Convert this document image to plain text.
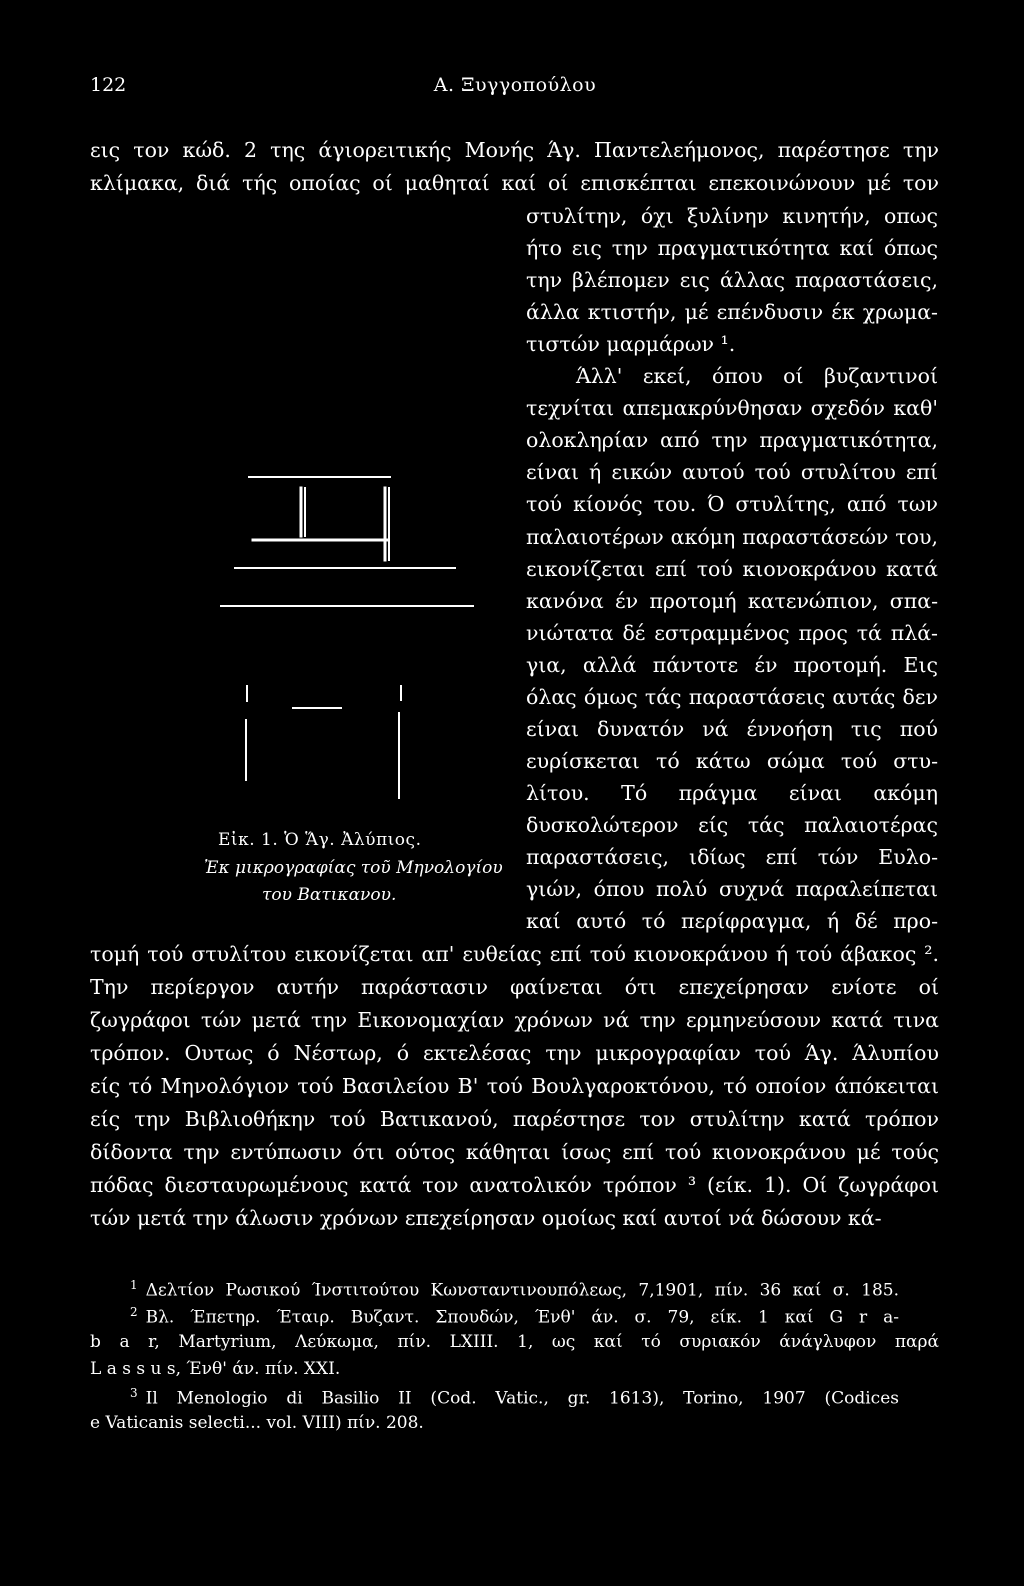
122	Α. Ξυγγοπούλου
εις τον κώδ. 2 της άγιορειτικής Μονής Άγ. Παντελεήμονος, παρέστησε την
κλίμακα, διά τής οποίας οί μαθηταί καί οί επισκέπται επεκοινώνουν μέ τον
στυλίτην, όχι ξυλίνην κινητήν, οπως
ήτο εις την πραγματικότητα καί όπως
την βλέπομεν εις άλλας παραστάσεις,
άλλα κτιστήν, μέ επένδυσιν έκ χρωμα-
τιστών μαρμάρων ¹.
Άλλ' εκεί, όπου οί βυζαντινοί
τεχνίται απεμακρύνθησαν σχεδόν καθ'
ολοκληρίαν από την πραγματικότητα,
είναι ή εικών αυτού τού στυλίτου επί
τού κίονός του. Ό στυλίτης, από των
παλαιοτέρων ακόμη παραστάσεών του,
εικονίζεται επί τού κιονοκράνου κατά
κανόνα έν προτομή κατενώπιον, σπα-
νιώτατα δέ εστραμμένος προς τά πλά-
για, αλλά πάντοτε έν προτομή. Εις
όλας όμως τάς παραστάσεις αυτάς δεν
είναι δυνατόν νά έννοήση τις πού
ευρίσκεται τό κάτω σώμα τού στυ-
λίτου. Τό πράγμα είναι ακόμη
δυσκολώτερον είς τάς παλαιοτέρας
παραστάσεις, ιδίως επί τών Ευλο-
γιών, όπου πολύ συχνά παραλείπεται
καί αυτό τό περίφραγμα, ή δέ προ-
τομή τού στυλίτου εικονίζεται απ' ευθείας επί τού κιονοκράνου ή τού άβακος ².
Την περίεργον αυτήν παράστασιν φαίνεται ότι επεχείρησαν ενίοτε οί
ζωγράφοι τών μετά την Εικονομαχίαν χρόνων νά την ερμηνεύσουν κατά τινα
τρόπον. Ουτως ό Νέστωρ, ό εκτελέσας την μικρογραφίαν τού Άγ. Άλυπίου
είς τό Μηνολόγιον τού Βασιλείου Β' τού Βουλγαροκτόνου, τό οποίον άπόκειται
είς την Βιβλιοθήκην τού Βατικανού, παρέστησε τον στυλίτην κατά τρόπον
δίδοντα την εντύπωσιν ότι ούτος κάθηται ίσως επί τού κιονοκράνου μέ τούς
πόδας διεσταυρωμένους κατά τον ανατολικόν τρόπον ³ (είκ. 1). Οί ζωγράφοι
τών μετά την άλωσιν χρόνων επεχείρησαν ομοίως καί αυτοί νά δώσουν κά-
Εἰκ. 1. Ὁ Ἅγ. Ἀλύπιος.
Ἐκ μικρογραφίας τοῦ Μηνολογίου
του Βατικανου.
$^1$ Δελτίον Ρωσικού Ίνστιτούτου Κωνσταντινουπόλεως, 7,1901, πίν. 36 καί σ. 185.
$^2$ Βλ. Έπετηρ. Έταιρ. Βυζαντ. Σπουδών, Ένθ' άν. σ. 79, είκ. 1 καί G r a-
b a r, Martyrium, Λεύκωμα, πίν. LXIII. 1, ως καί τό συριακόν άνάγλυφον παρά
L a s s u s, Ένθ' άν. πίν. XXI.
$^3$ Il Menologio di Basilio II (Cod. Vatic., gr. 1613), Torino, 1907 (Codices
e Vaticanis selecti... vol. VIII) πίν. 208.
